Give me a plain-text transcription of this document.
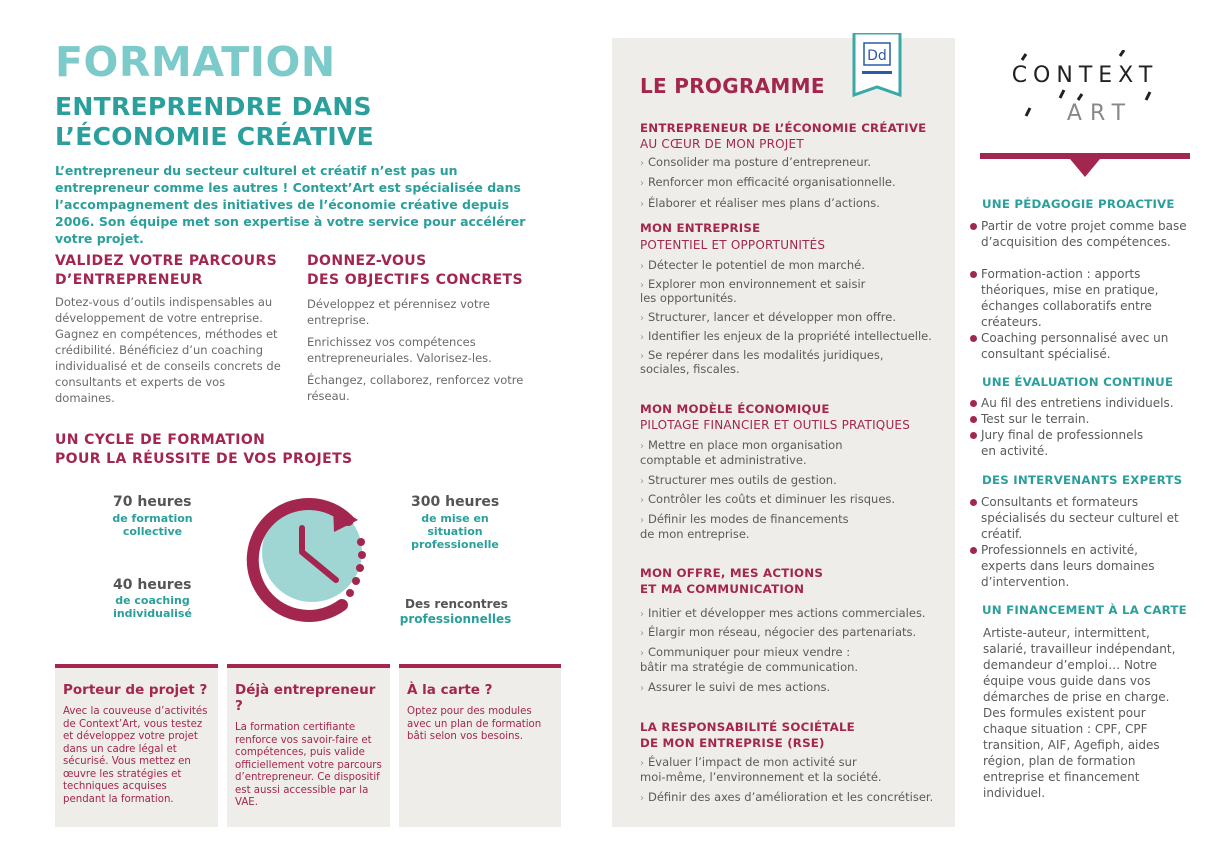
FORMATION
ENTREPRENDRE DANS
L’ÉCONOMIE CRÉATIVE
L’entrepreneur du secteur culturel et créatif n’est pas un entrepreneur comme les autres ! Context’Art est spécialisée dans l’accompagnement des initiatives de l’économie créative depuis 2006. Son équipe met son expertise à votre service pour accélérer votre projet.
VALIDEZ VOTRE PARCOURS
D’ENTREPRENEUR
Dotez-vous d’outils indispensables au développement de votre entreprise. Gagnez en compétences, méthodes et crédibilité. Bénéficiez d’un coaching individualisé et de conseils concrets de consultants et experts de vos domaines.
DONNEZ-VOUS
DES OBJECTIFS CONCRETS

Développez et pérennisez votre entreprise.

Enrichissez vos compétences entrepreneuriales. Valorisez-les.

Échangez, collaborez, renforcez votre réseau.

UN CYCLE DE FORMATION
POUR LA RÉUSSITE DE VOS PROJETS
70 heures
de formation
collective
300 heures
de mise en
situation
professionelle
40 heures
de coaching
individualisé
Des rencontres
professionnelles
Porteur de projet ?
Avec la couveuse d’activités de Context’Art, vous testez et développez votre projet dans un cadre légal et sécurisé. Vous mettez en œuvre les stratégies et techniques acquises pendant la formation.
Déjà entrepreneur ?
La formation certifiante renforce vos savoir-faire et compétences, puis valide officiellement votre parcours d’entrepreneur. Ce dispositif est aussi accessible par la VAE.
À la carte ?
Optez pour des modules avec un plan de formation bâti selon vos besoins.
Dd
LE PROGRAMME
ENTREPRENEUR DE L’ÉCONOMIE CRÉATIVE
AU CŒUR DE MON PROJET
› Consolider ma posture d’entrepreneur.
› Renforcer mon efficacité organisationnelle.
› Élaborer et réaliser mes plans d’actions.
MON ENTREPRISE
POTENTIEL ET OPPORTUNITÉS
› Détecter le potentiel de mon marché.
› Explorer mon environnement et saisir
les opportunités.
› Structurer, lancer et développer mon offre.
› Identifier les enjeux de la propriété intellectuelle.
› Se repérer dans les modalités juridiques,
sociales, fiscales.
MON MODÈLE ÉCONOMIQUE
PILOTAGE FINANCIER ET OUTILS PRATIQUES
› Mettre en place mon organisation
comptable et administrative.
› Structurer mes outils de gestion.
› Contrôler les coûts et diminuer les risques.
› Définir les modes de financements
de mon entreprise.
MON OFFRE, MES ACTIONS
ET MA COMMUNICATION
› Initier et développer mes actions commerciales.
› Élargir mon réseau, négocier des partenariats.
› Communiquer pour mieux vendre :
bâtir ma stratégie de communication.
› Assurer le suivi de mes actions.
LA RESPONSABILITÉ SOCIÉTALE
DE MON ENTREPRISE (RSE)
› Évaluer l’impact de mon activité sur
moi-même, l’environnement et la société.
› Définir des axes d’amélioration et les concrétiser.
CONTEXT
ART
UNE PÉDAGOGIE PROACTIVE
Partir de votre projet comme base d’acquisition des compétences.
Formation-action : apports théoriques, mise en pratique, échanges collaboratifs entre créateurs.
Coaching personnalisé avec un consultant spécialisé.
UNE ÉVALUATION CONTINUE
Au fil des entretiens individuels.
Test sur le terrain.
Jury final de professionnels en activité.
DES INTERVENANTS EXPERTS
Consultants et formateurs spécialisés du secteur culturel et créatif.
Professionnels en activité, experts dans leurs domaines d’intervention.
UN FINANCEMENT À LA CARTE
Artiste-auteur, intermittent, salarié, travailleur indépendant, demandeur d’emploi… Notre équipe vous guide dans vos démarches de prise en charge. Des formules existent pour chaque situation : CPF, CPF transition, AIF, Agefiph, aides région, plan de formation entreprise et financement individuel.
